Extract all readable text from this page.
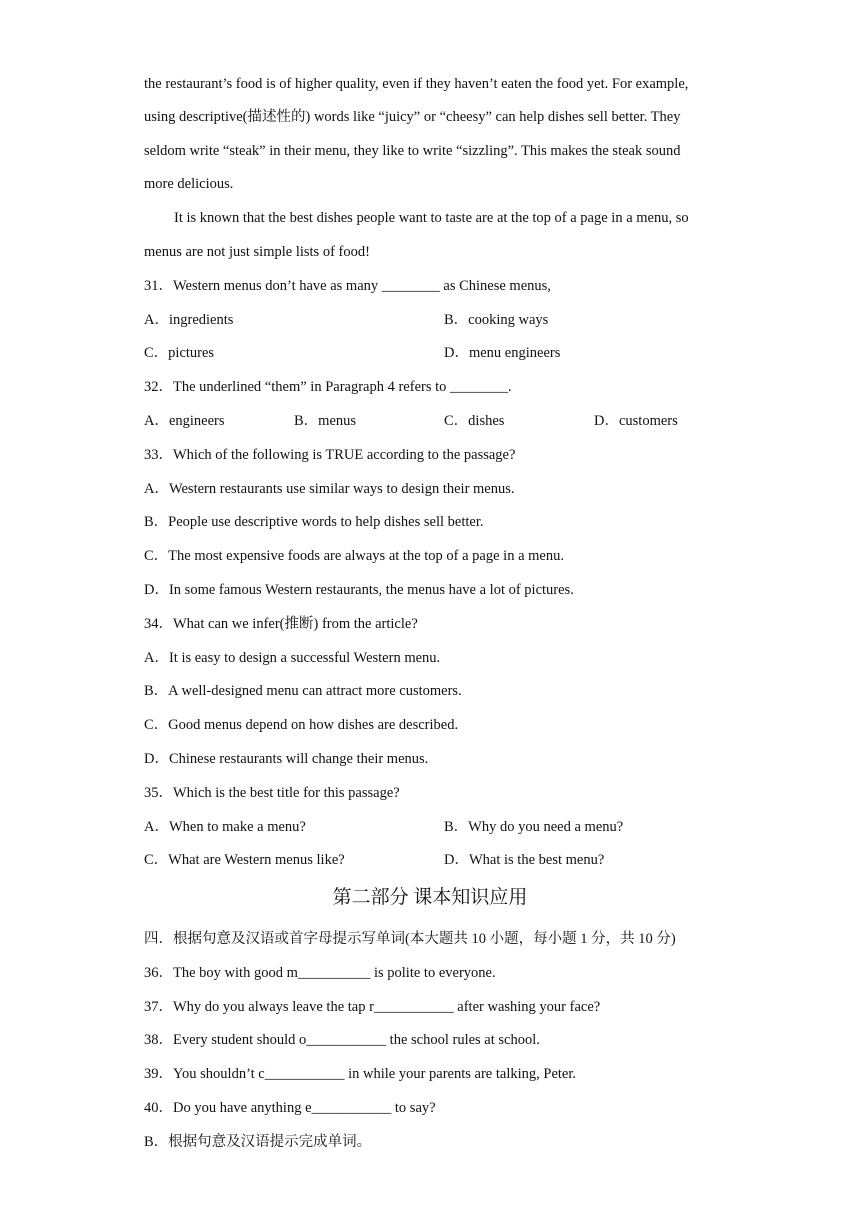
the restaurant’s food is of higher quality, even if they haven’t eaten the food yet. For example,
using descriptive(描述性的) words like “juicy” or “cheesy” can help dishes sell better. They
seldom write “steak” in their menu, they like to write “sizzling”. This makes the steak sound
more delicious.
It is known that the best dishes people want to taste are at the top of a page in a menu, so
menus are not just simple lists of food!
31．Western menus don’t have as many ________ as Chinese menus,
A．ingredients	B．cooking ways
C．pictures	D．menu engineers
32．The underlined “them” in Paragraph 4 refers to ________.
A．engineers	B．menus	C．dishes	D．customers
33．Which of the following is TRUE according to the passage?
A．Western restaurants use similar ways to design their menus.
B．People use descriptive words to help dishes sell better.
C．The most expensive foods are always at the top of a page in a menu.
D．In some famous Western restaurants, the menus have a lot of pictures.
34．What can we infer(推断) from the article?
A．It is easy to design a successful Western menu.
B．A well-designed menu can attract more customers.
C．Good menus depend on how dishes are described.
D．Chinese restaurants will change their menus.
35．Which is the best title for this passage?
A．When to make a menu?	B．Why do you need a menu?
C．What are Western menus like?	D．What is the best menu?
第二部分 课本知识应用
四．根据句意及汉语或首字母提示写单词(本大题共 10 小题，每小题 1 分，共 10 分)
36．The boy with good m__________ is polite to everyone.
37．Why do you always leave the tap r___________ after washing your face?
38．Every student should o___________ the school rules at school.
39．You shouldn’t c___________ in while your parents are talking, Peter.
40．Do you have anything e___________ to say?
B．根据句意及汉语提示完成单词。
